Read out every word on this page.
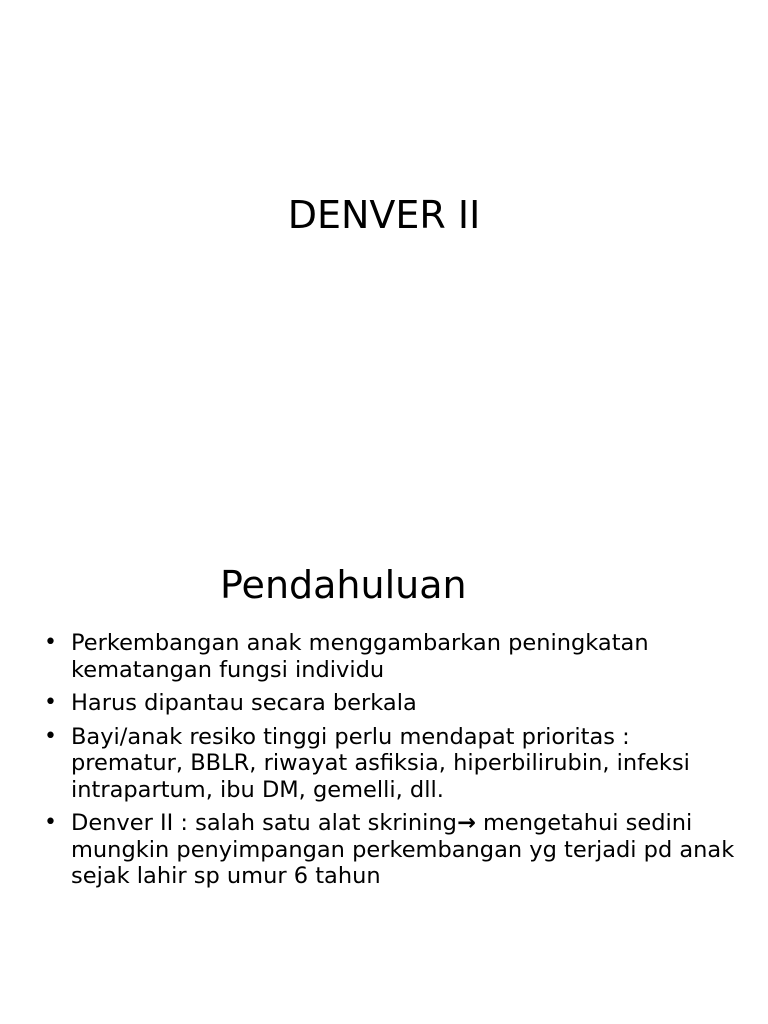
DENVER II
Pendahuluan
• Perkembangan anak menggambarkan peningkatan kematangan fungsi individu
• Harus dipantau secara berkala
• Bayi/anak resiko tinggi perlu mendapat prioritas : prematur, BBLR, riwayat asfiksia, hiperbilirubin, infeksi intrapartum, ibu DM, gemelli, dll.
• Denver II : salah satu alat skrining→ mengetahui sedini mungkin penyimpangan perkembangan yg terjadi pd anak sejak lahir sp umur 6 tahun
